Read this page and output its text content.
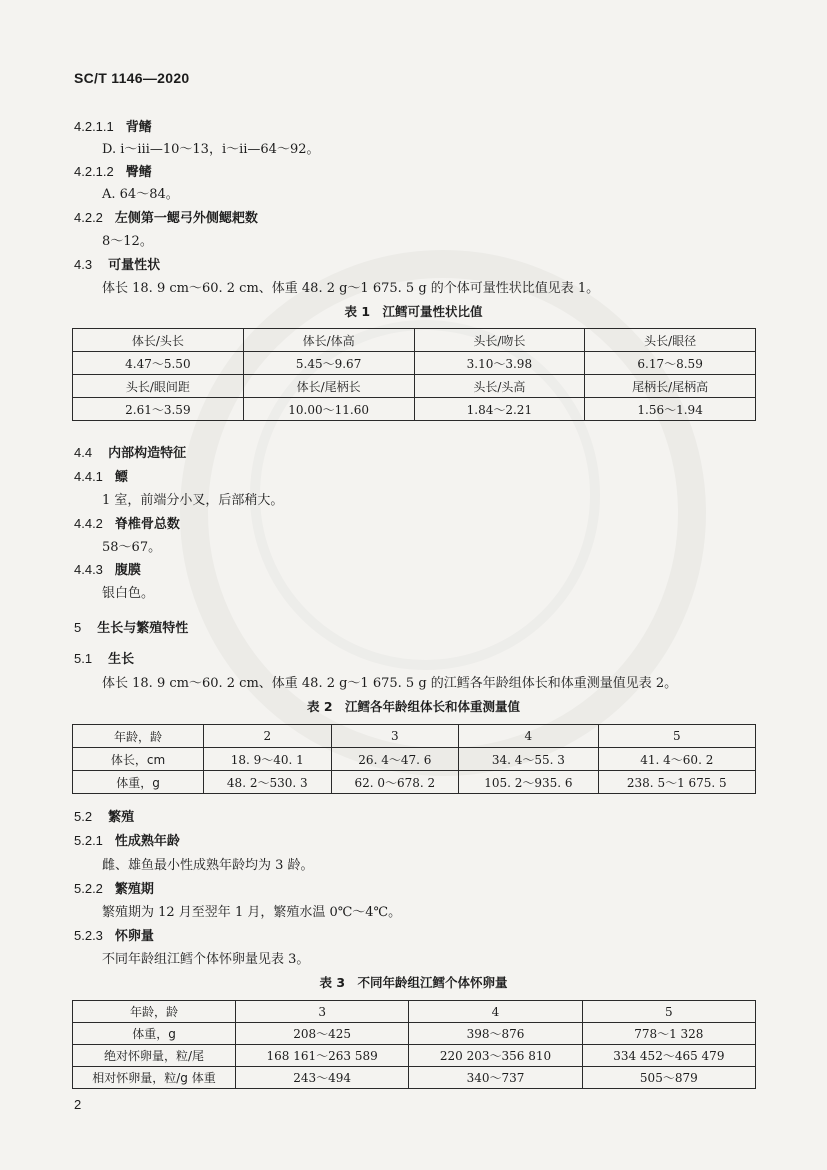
SC/T 1146—2020
4.2.1.1 背鳍
D. ⅰ～ⅲ—10～13，ⅰ～ⅱ—64～92。
4.2.1.2 臀鳍
A. 64～84。
4.2.2 左侧第一鳃弓外侧鳃耙数
8～12。
4.3 可量性状
体长 18. 9 cm～60. 2 cm、体重 48. 2 g～1 675. 5 g 的个体可量性状比值见表 1。
表 1　江鳕可量性状比值
体长/头长	体长/体高	头长/吻长	头长/眼径
4.47～5.50	5.45～9.67	3.10～3.98	6.17～8.59
头长/眼间距	体长/尾柄长	头长/头高	尾柄长/尾柄高
2.61～3.59	10.00～11.60	1.84～2.21	1.56～1.94
4.4 内部构造特征
4.4.1 鳔
1 室，前端分小叉，后部稍大。
4.4.2 脊椎骨总数
58～67。
4.4.3 腹膜
银白色。
5 生长与繁殖特性
5.1 生长
体长 18. 9 cm～60. 2 cm、体重 48. 2 g～1 675. 5 g 的江鳕各年龄组体长和体重测量值见表 2。
表 2　江鳕各年龄组体长和体重测量值
年龄，龄	2	3	4	5
体长，cm	18. 9～40. 1	26. 4～47. 6	34. 4～55. 3	41. 4～60. 2
体重，g	48. 2～530. 3	62. 0～678. 2	105. 2～935. 6	238. 5～1 675. 5
5.2 繁殖
5.2.1 性成熟年龄
雌、雄鱼最小性成熟年龄均为 3 龄。
5.2.2 繁殖期
繁殖期为 12 月至翌年 1 月，繁殖水温 0℃～4℃。
5.2.3 怀卵量
不同年龄组江鳕个体怀卵量见表 3。
表 3　不同年龄组江鳕个体怀卵量
年龄，龄	3	4	5
体重，g	208～425	398～876	778～1 328
绝对怀卵量，粒/尾	168 161～263 589	220 203～356 810	334 452～465 479
相对怀卵量，粒/g 体重	243～494	340～737	505～879
2
